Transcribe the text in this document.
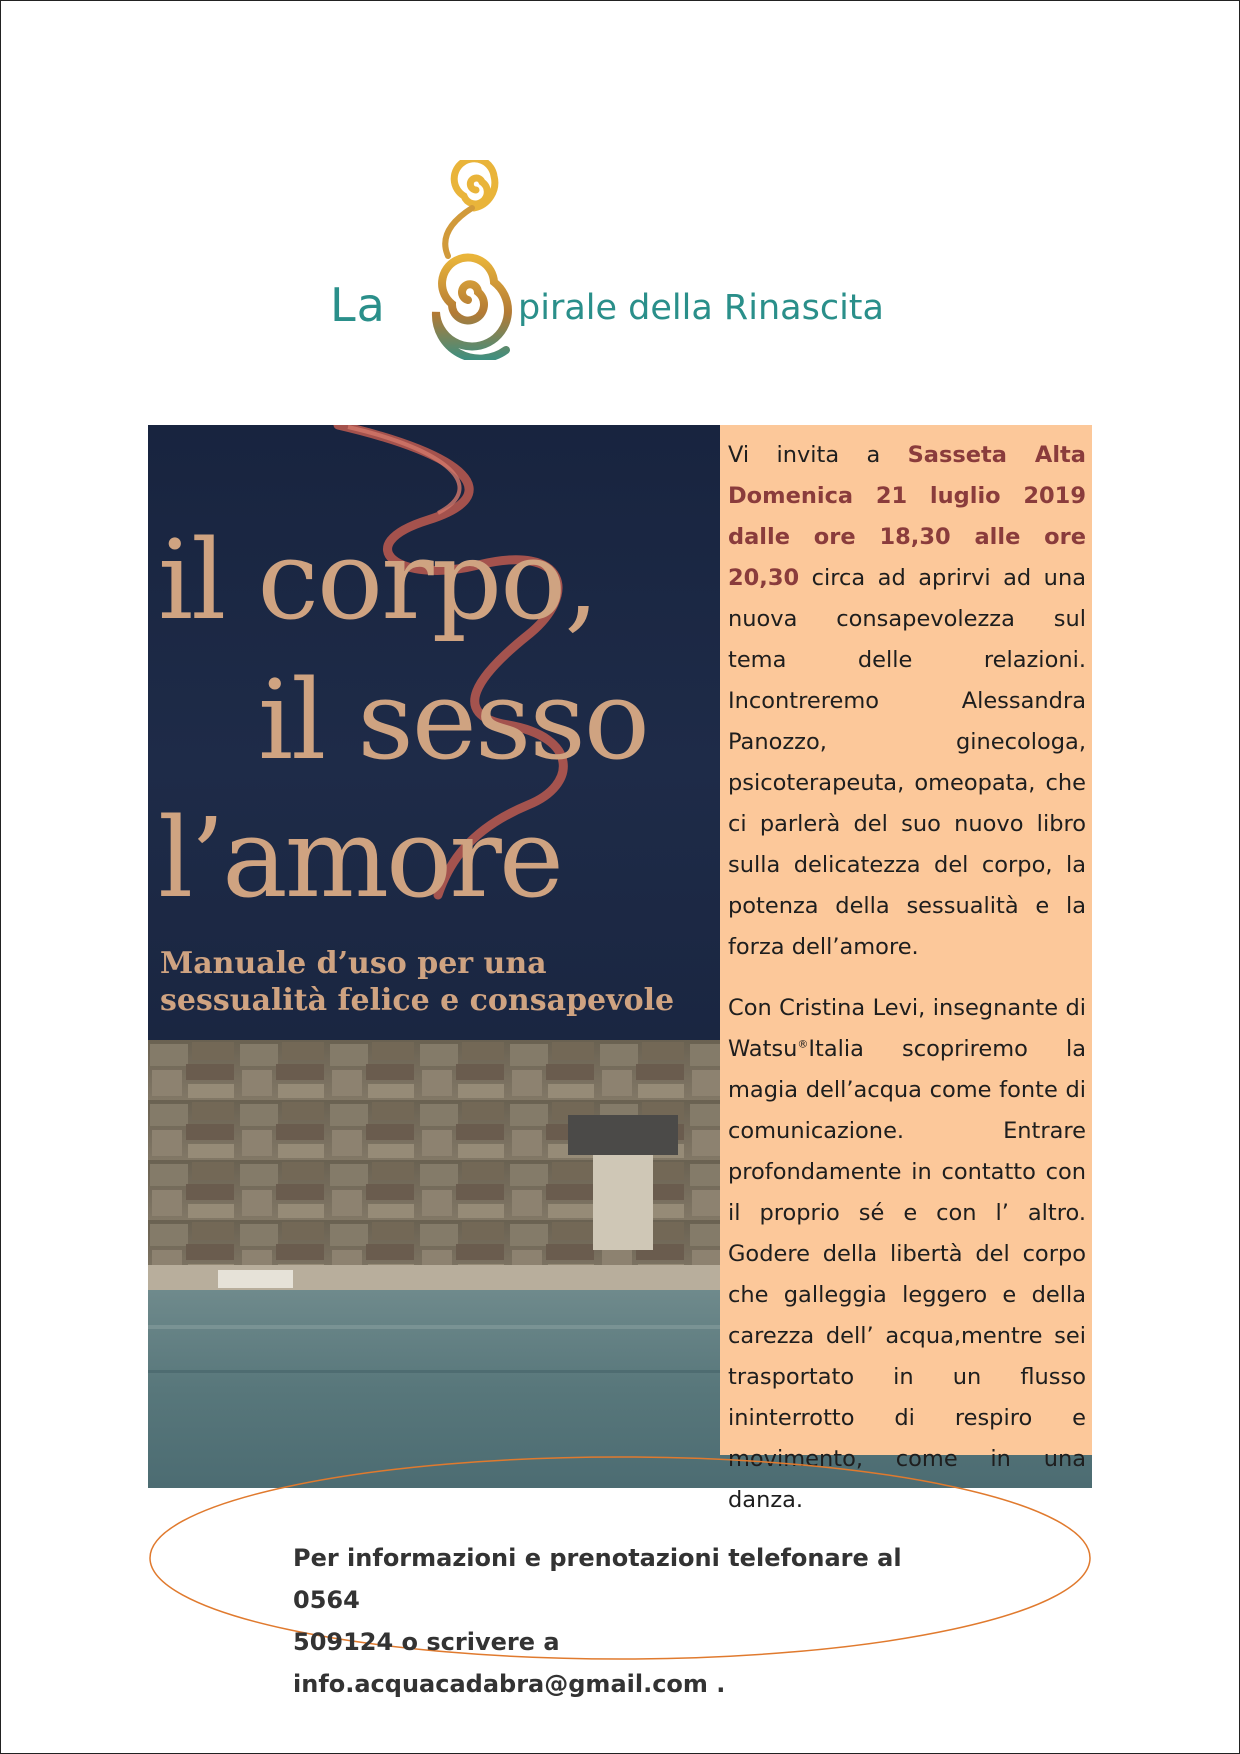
La	pirale della Rinascita
il corpo,
il sesso
l’amore
Manuale d’uso per una
sessualità felice e consapevole

Vi invita a Sasseta Alta Domenica 21 luglio 2019 dalle ore 18,30 alle ore 20,30 circa ad aprirvi ad una nuova consapevolezza sul tema delle relazioni. Incontreremo Alessandra Panozzo, ginecologa, psicoterapeuta, omeopata, che ci parlerà del suo nuovo libro sulla delicatezza del corpo, la potenza della sessualità e la forza dell’amore.

Con Cristina Levi, insegnante di Watsu®Italia scopriremo la magia dell’acqua come fonte di comunicazione. Entrare profondamente in contatto con il proprio sé e con l’ altro. Godere della libertà del corpo che galleggia leggero e della carezza dell’ acqua,mentre sei trasportato in un flusso ininterrotto di respiro e movimento, come in una danza.

Per informazioni e prenotazioni telefonare al 0564
509124 o scrivere a info.acquacadabra@gmail.com .
